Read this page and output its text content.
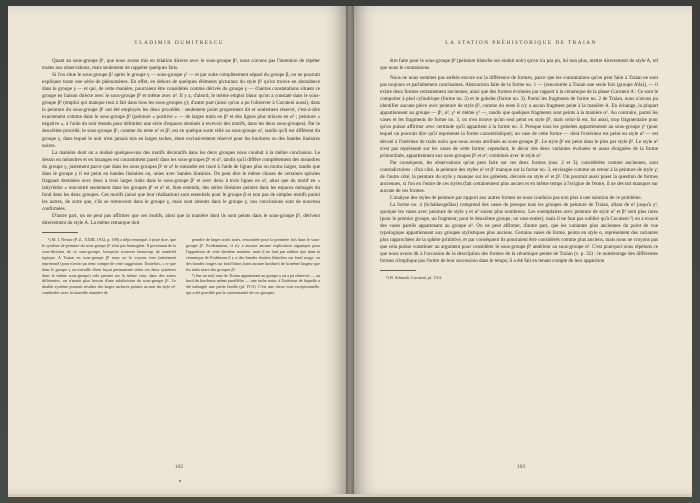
VLADIMIR DUMITRESCU

Quant au sous-groupe β¹, que nous avons mis en relation directe avec le sous-groupe β², nous n'avons pas l'intention de répéter toutes nos observations, mais seulement de rappeler quelques faits.

Si l'on situe le sous-groupe β¹ après le groupe γ — sous-groupe γ¹ — et par suite complètement séparé du groupe β, on ne pourrait expliquer toute une série de phénomènes. En effet, en dehors de quelques éléments picturaux du style β¹ qu'on trouve en abondance dans le groupe γ — et qui, de cette manière, pourraient être considérés comme dérivés du groupe γ — d'autres constatations situent ce groupe en liaison directe avec le sous-groupe β² et même avec α². Il y a, d'abord, le même emploi blanc qu'on a constaté dans le sous-groupe β² (emploi qui manque tout à fait dans tous les sous-groupes γ); d'autre part (ainsi qu'on a pu l'observer à Cucuteni aussi), dans la peinture du sous-groupe β¹ ont été employés les deux procédés : seulement point proprement dit et seulement réservé, c'est-à-dire exactement comme dans le sous-groupe β² (peinture « positive » — de larges traits en β² et des lignes plus minces en α² ; peinture « négative », à l'aide du noir étendu pour délimiter une série d'espaces destinés à recevoir des motifs, dans les deux sous-groupes). Par le deuxième procédé, le sous-groupe β¹, comme du reste α² et β², est en quelque sorte relié au sous-groupe α¹, tandis qu'il est différent du groupe γ, dans lequel le noir n'est jamais mis en larges taches, étant exclusivement réservé pour les bordures ou des bandes linéaires noires.

La manière dont on a réalisé quelques-uns des motifs décoratifs dans les deux groupes nous conduit à la même conclusion. Le dessin en méandres et en losanges est couramment pareil dans les sous-groupes β¹ et α², tandis qu'il diffère complètement des méandres du groupe γ, justement parce que dans les sous-groupes β¹ et α² le méandre est tracé à l'aide de lignes plus ou moins larges, tandis que dans le groupe γ il est peint en bandes linéaires ou, unies avec bandes linéaires. On peut dire le même choses de certaines spirales frappant destinées avec deux à trois larges traits dans le sous-groupe β¹ et avec deux à trois lignes en α², ainsi que du motif en « labyrinthe » rencontré seulement dans les groupes β¹ et α² et, bien entendu, des séries linéaires peintes dans les espaces ménagés du fond dans les deux groupes. Ces motifs (ainsi que leur réalisation) sont essentiels pour le groupe β et non pas de simples motifs parmi les autres, de sorte que, s'ils se retrouvent dans le groupe γ, mais sont absents dans le groupe γ, nos conclusions sont de nouveau confirmées.

D'autre part, on ne peut pas affirmer que ces motifs, ainsi que la manière dont ils sont peints dans le sous-groupe β¹, dérivent directement du style A. La même remarque doit

¹) M. I. Nestor (P. Z., XXIII, 1932, p. 109) a déjà remarqué, à juste titre, que le système de peinture du sous-groupe β¹ n'est pas homogène. Il provenant de la sous-division de ce sous-groupe, lorsqu'on trouvera beaucoup de matériel typique. A Traian en sous-groupe β¹ nous ne le voyons rien (nettement représenté) pour n'avoir pu tenir compte de cette suggestion. Toutefois, « ce que dans le groupe γ on travaille d'une façon permanente selon ces deux systèmes dans le même sous-groupe) cela permet sur la même vase, dans des zones différentes, on n'aurait plus besoin d'une subdivision du sous-groupe β¹. Le double système pourrait résulter des larges surfaces peintes au noir du style α², combinées avec la nouvelle manière de

peindre de larges traits noirs, rencontrée pour la première fois dans le sous-groupe β¹. Evidemment, il n'y a aucune aucune explication organique pour l'apparition de cette dernière manière, mais il ne faut pas oublier que dans la céramique de Frabbeani il y a des bandes étroites blanches sur fond rouge, ou des bandes rouges sur fond blanc (sans aucune bordure) de la même largeur que les traits noirs des groupes β¹.

²) Sur un seul vase de Traian appartenant au groupe γ on a pu observer — au bord du bordeaux même parallèles — une tache noire, à l'intérieur de laquelle a été ménagée une petite feuille (pl. IV/3). C'est une chose tout exceptionnelle, qui a été possible par la contremanité de ces groupes.

102
LA STATION PRÉHISTORIQUE DE TRAIAN

être faite pour le sous-groupe β² (peinture blanche sur enduit noir) qu'on n'a pas pu, lui non plus, mettre directement du style A, tel que nous le connaissons.

Nous ne nous sommes pas arrêtés encore sur la différence de formes, parce que les constatations qu'on peut faire à Traian ne sont pas toujours et parfaitement concluantes. Abstraction faite de la forme no. 1 — (rencontrée à Traian une seule fois (groupe Alla)), — il existe deux formes certainement anciennes, ainsi que des formes évoluées par rapport à la céramique de la phase Cucuteni A : Ce sont le compotier à pied cylindrique (forme no. 2) et le gobelet (forme no. 3). Parmi les fragments de forme no. 2 de Traian, nous n'avons pu identifier aucune pièce avec peinture de style β², comme du reste il n'y a aucun fragment peint à la manière A. En échange, la plupart appartiennent au groupe — β¹, α², γ¹ et même γ³ —, tandis que quelques fragments sont peints à la manière α². Au contraire, parmi les vases et les fragments de forme no. 3, on n'en trouve qu'un seul peint en style β², mais celui-là est, lui aussi, trop fragmentaire pour qu'on puisse affirmer avec certitude qu'il appartient à la forme no. 3. Presque tous les gobelets appartiennent au sous-groupe γ¹ (pour lequel on pourrait dire qu'il représente la forme caractéristique); un vase de cette forme — dont l'extérieur est peint en style α² — est décoré à l'intérieur de traits noirs que nous avons attribués au sous-groupe β¹. Le style β² est peint dans le plus par style β¹. Le style α² n'est pas représenté sur les vases de cette forme; cependant, le décor des deux variantes évoluées et assez éloignées de la forme primordiale, appartiennent aux sous-groupes β¹ et α², combinés avec le style α².

Par conséquent, les observations qu'on peut faire sur ces deux formes (nos. 2 et 3), considérées comme anciennes, sont contradictoires : d'un côté, la peinture des styles α² et β² manque sur la forme no. 3, envisagée comme un retour à la peinture de style γ; de l'autre côté, la peinture du style γ manque sur les gobelets, décorés en style α² et β². On pourrait aussi poser la question de formes anciennes, si l'on en l'entre de ces styles (fait certainement plus ancien et en même temps à l'origine de l'entre, il ne devrait manquer sur aucune de ces formes.

L'analyse des styles de peinture par rapport aux autres formes ne nous conduira pas non plus à une solution de ce problème.

La forme no. 4 (Schalkesgefäss) comprend des vases de presque tous les groupes de peinture de Traian, allant de α² jusqu'à γ³, quoique les vases avec peinture de style γ et α² soient plus nombreux. Les exemplaires avec peinture de style α² et β² sont plus rares (pour le premier groupe, un fragment; pour le deuxième groupe, un vase entier), mais il ne faut pas oublier qu'à Cucuteni ²) on a trouvé des vases pareils appartenant au groupe α². On ne peut affirmer, d'autre part, que les variantes plus anciennes du point de vue typologique appartiennent aux groupes stylistiques plus anciens. Certains vases de forme, peints en style α, représentent des variantes plus rapprochées de la sphère primitive, et par conséquent ils pourraient être considérés comme plus anciens, mais nous ne croyons pas que cela puisse constituer un argument pour considérer le sous-groupe β² antérieur au sous-groupe α². C'est pourquoi nous répétons ce que nous avons dit à l'occasion de la description des formes de la céramique peinte de Traian (v. p. 33) : le numérotage des différentes formes n'implique pas l'ordre de leur succession dans le temps; il a été fait en tenant compte de leur apparition

²) H. Schmidt, Cucuteni, pl. 13/4.

103
